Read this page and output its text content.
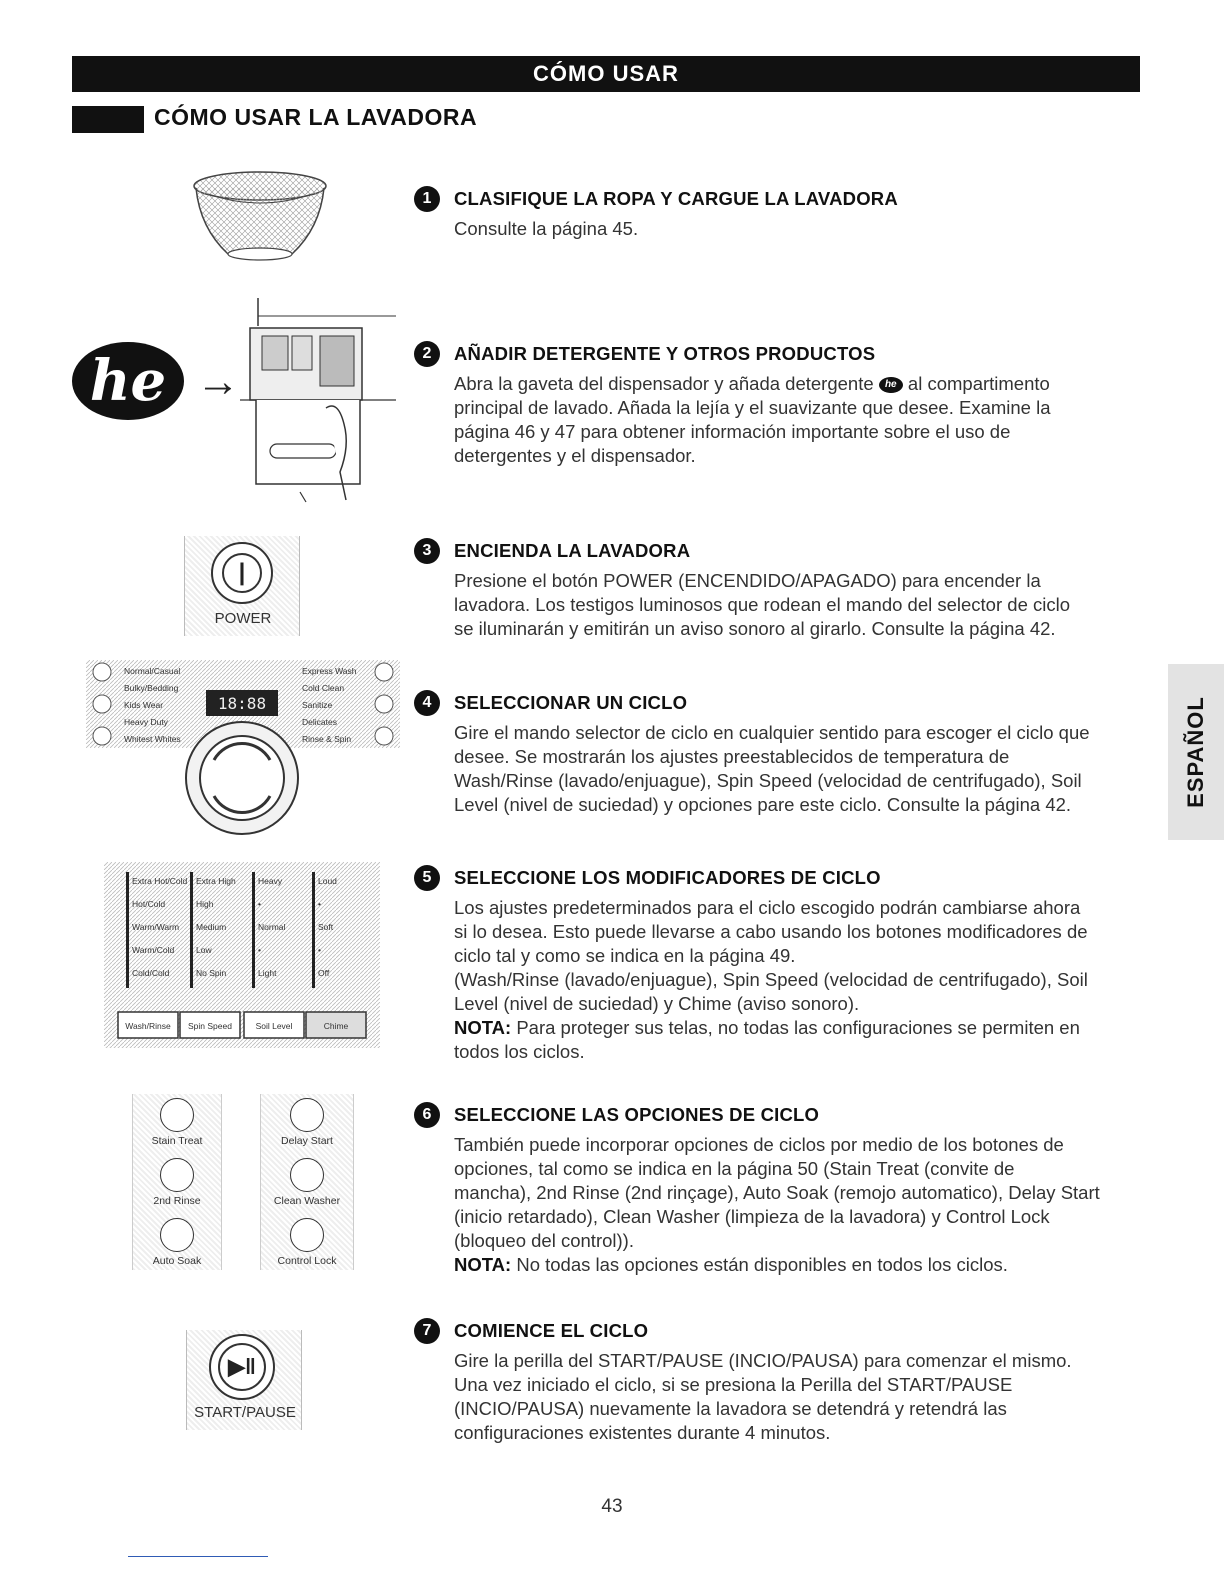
CÓMO USAR
CÓMO USAR LA LAVADORA
ESPAÑOL
he →
|
POWER
Normal/Casual
Bulky/Bedding
Kids Wear
Heavy Duty
Whitest Whites
Express Wash
Cold Clean
Sanitize
Delicates
Rinse & Spin
18:88
Extra Hot/Cold
Hot/Cold
Warm/Warm
Warm/Cold
Cold/Cold
Extra High
High
Medium
Low
No Spin
Heavy
•
Normal
•
Light
Loud
•
Soft
•
Off
Wash/Rinse Spin Speed	Soil Level	Chime
Stain Treat
2nd Rinse
Auto Soak
Delay Start
Clean Washer
Control Lock
▶‖
START/PAUSE
1	CLASIFIQUE LA ROPA Y CARGUE LA LAVADORA

Consulte la página 45.

2	AÑADIR DETERGENTE Y OTROS PRODUCTOS

Abra la gaveta del dispensador y añada detergente he al compartimento

principal de lavado. Añada la lejía y el suavizante que desee. Examine la

página 46 y 47 para obtener información importante sobre el uso de

detergentes y el dispensador.

3	ENCIENDA LA LAVADORA

Presione el botón POWER (ENCENDIDO/APAGADO) para encender la

lavadora. Los testigos luminosos que rodean el mando del selector de ciclo

se iluminarán y emitirán un aviso sonoro al girarlo. Consulte la página 42.

4	SELECCIONAR UN CICLO

Gire el mando selector de ciclo en cualquier sentido para escoger el ciclo que

desee. Se mostrarán los ajustes preestablecidos de temperatura de

Wash/Rinse (lavado/enjuague), Spin Speed (velocidad de centrifugado), Soil

Level (nivel de suciedad) y opciones pare este ciclo. Consulte la página 42.

5	SELECCIONE LOS MODIFICADORES DE CICLO

Los ajustes predeterminados para el ciclo escogido podrán cambiarse ahora

si lo desea. Esto puede llevarse a cabo usando los botones modificadores de

ciclo tal y como se indica en la página 49.

(Wash/Rinse (lavado/enjuague), Spin Speed (velocidad de centrifugado), Soil

Level (nivel de suciedad) y Chime (aviso sonoro).

NOTA: Para proteger sus telas, no todas las configuraciones se permiten en

todos los ciclos.

6	SELECCIONE LAS OPCIONES DE CICLO

También puede incorporar opciones de ciclos por medio de los botones de

opciones, tal como se indica en la página 50 (Stain Treat (convite de

mancha), 2nd Rinse (2nd rinçage), Auto Soak (remojo automatico), Delay Start

(inicio retardado), Clean Washer (limpieza de la lavadora) y Control Lock

(bloqueo del control)).

NOTA: No todas las opciones están disponibles en todos los ciclos.

7	COMIENCE EL CICLO

Gire la perilla del START/PAUSE (INCIO/PAUSA) para comenzar el mismo.

Una vez iniciado el ciclo, si se presiona la Perilla del START/PAUSE

(INCIO/PAUSA) nuevamente la lavadora se detendrá y retendrá las

configuraciones existentes durante 4 minutos.

43
